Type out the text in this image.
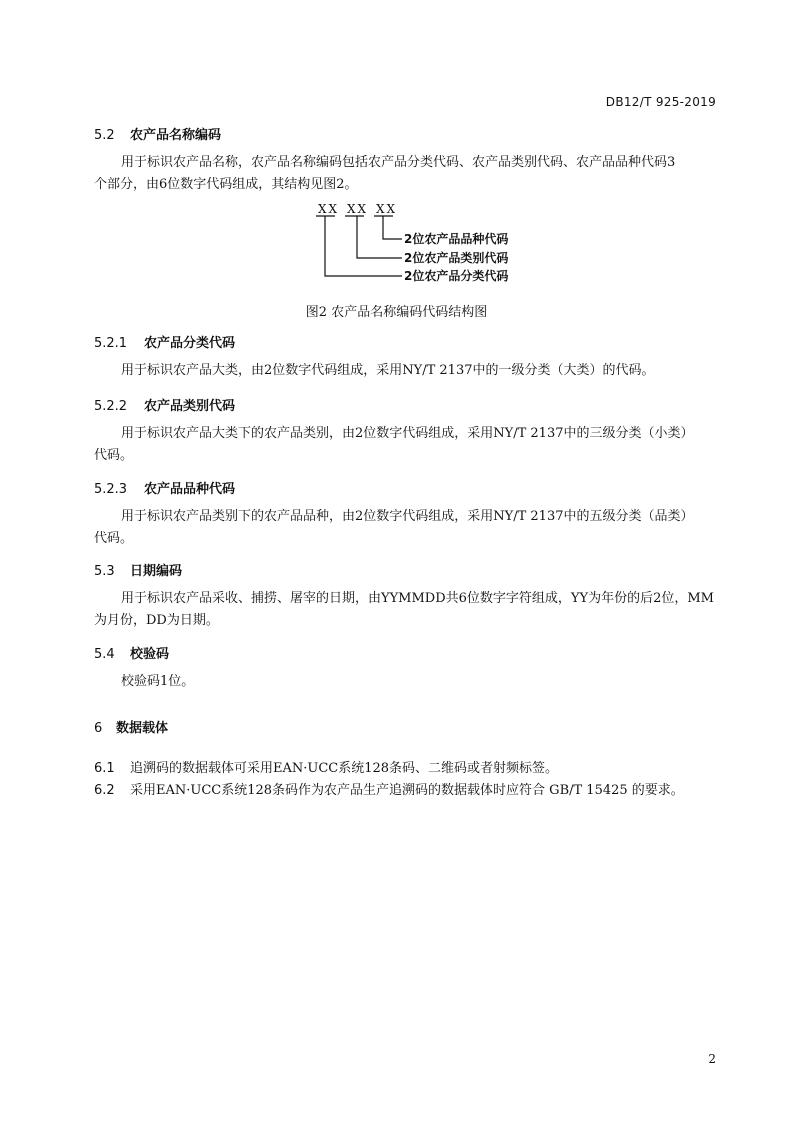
DB12/T 925-2019
5.2 农产品名称编码
用于标识农产品名称，农产品名称编码包括农产品分类代码、农产品类别代码、农产品品种代码3
个部分，由6位数字代码组成，其结构见图2。
XX XX XX
2位农产品品种代码
2位农产品类别代码
2位农产品分类代码
图2 农产品名称编码代码结构图
5.2.1 农产品分类代码
用于标识农产品大类，由2位数字代码组成，采用NY/T 2137中的一级分类（大类）的代码。
5.2.2 农产品类别代码
用于标识农产品大类下的农产品类别，由2位数字代码组成，采用NY/T 2137中的三级分类（小类）
代码。
5.2.3 农产品品种代码
用于标识农产品类别下的农产品品种，由2位数字代码组成，采用NY/T 2137中的五级分类（品类）
代码。
5.3 日期编码
用于标识农产品采收、捕捞、屠宰的日期，由YYMMDD共6位数字字符组成，YY为年份的后2位，MM
为月份，DD为日期。
5.4 校验码
校验码1位。
6 数据载体
6.1 追溯码的数据载体可采用EAN·UCC系统128条码、二维码或者射频标签。
6.2 采用EAN·UCC系统128条码作为农产品生产追溯码的数据载体时应符合 GB/T 15425 的要求。
2
